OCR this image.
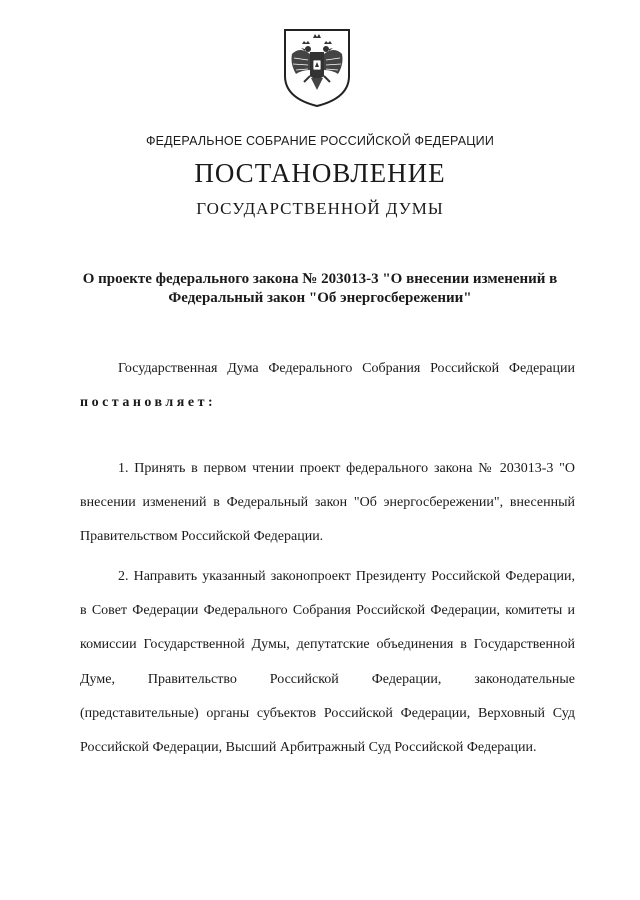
ФЕДЕРАЛЬНОЕ СОБРАНИЕ РОССИЙСКОЙ ФЕДЕРАЦИИ
ПОСТАНОВЛЕНИЕ
ГОСУДАРСТВЕННОЙ ДУМЫ
О проекте федерального закона № 203013-3 "О внесении изменений в Федеральный закон "Об энергосбережении"
Государственная Дума Федерального Собрания Российской Федерации постановляет:
1. Принять в первом чтении проект федерального закона № 203013-3 "О внесении изменений в Федеральный закон "Об энергосбережении", внесенный Правительством Российской Федерации.
2. Направить указанный законопроект Президенту Российской Федерации, в Совет Федерации Федерального Собрания Российской Федерации, комитеты и комиссии Государственной Думы, депутатские объединения в Государственной Думе, Правительство Российской Федерации, законодательные (представительные) органы субъектов Российской Федерации, Верховный Суд Российской Федерации, Высший Арбитражный Суд Российской Федерации.
